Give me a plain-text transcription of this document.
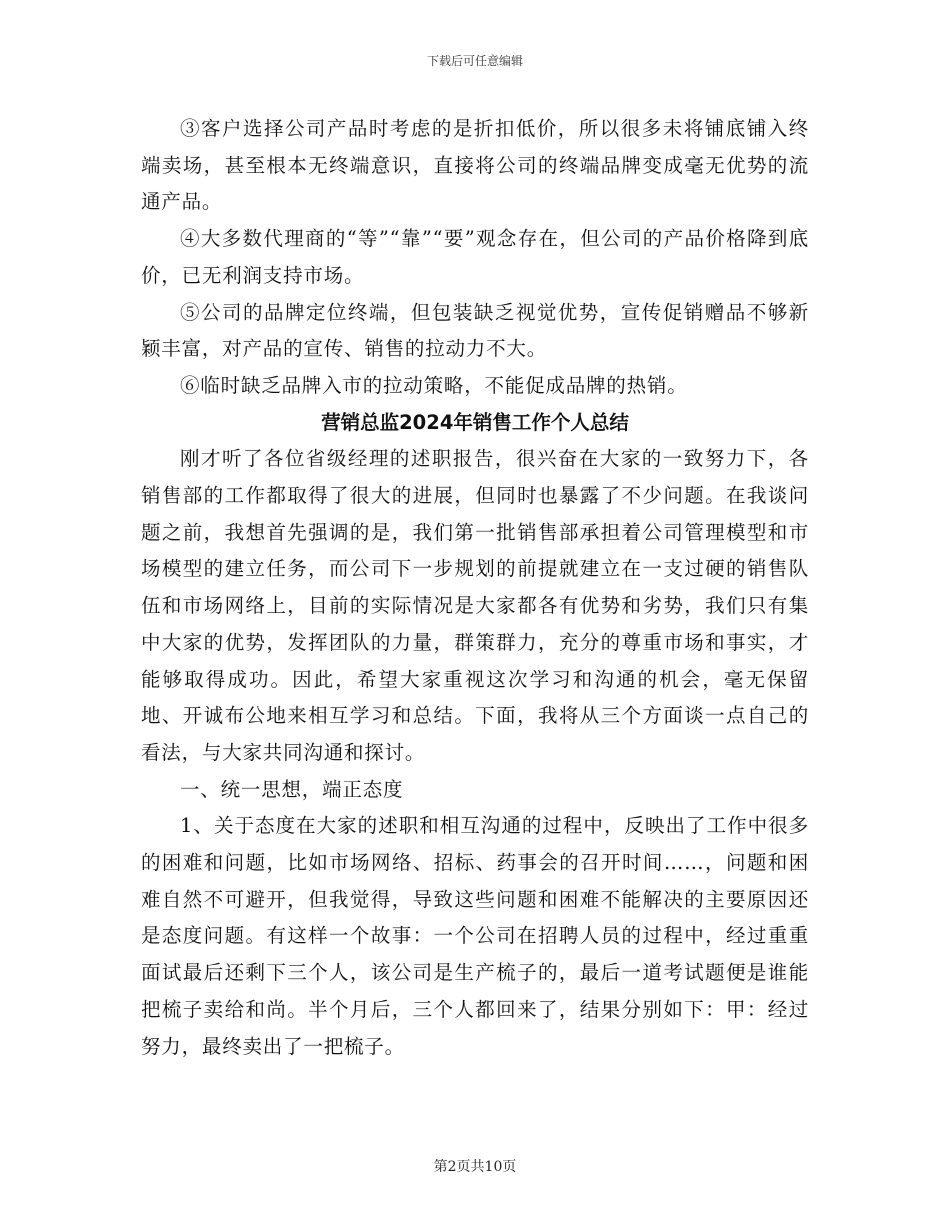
下载后可任意编辑

③客户选择公司产品时考虑的是折扣低价，所以很多未将铺底铺入终端卖场，甚至根本无终端意识，直接将公司的终端品牌变成毫无优势的流通产品。

④大多数代理商的“等”“靠”“要”观念存在，但公司的产品价格降到底价，已无利润支持市场。

⑤公司的品牌定位终端，但包装缺乏视觉优势，宣传促销赠品不够新颖丰富，对产品的宣传、销售的拉动力不大。

⑥临时缺乏品牌入市的拉动策略，不能促成品牌的热销。

营销总监2024年销售工作个人总结

刚才听了各位省级经理的述职报告，很兴奋在大家的一致努力下，各销售部的工作都取得了很大的进展，但同时也暴露了不少问题。在我谈问题之前，我想首先强调的是，我们第一批销售部承担着公司管理模型和市场模型的建立任务，而公司下一步规划的前提就建立在一支过硬的销售队伍和市场网络上，目前的实际情况是大家都各有优势和劣势，我们只有集中大家的优势，发挥团队的力量，群策群力，充分的尊重市场和事实，才能够取得成功。因此，希望大家重视这次学习和沟通的机会，毫无保留地、开诚布公地来相互学习和总结。下面，我将从三个方面谈一点自己的看法，与大家共同沟通和探讨。

一、统一思想，端正态度

1、关于态度在大家的述职和相互沟通的过程中，反映出了工作中很多的困难和问题，比如市场网络、招标、药事会的召开时间……，问题和困难自然不可避开，但我觉得，导致这些问题和困难不能解决的主要原因还是态度问题。有这样一个故事：一个公司在招聘人员的过程中，经过重重面试最后还剩下三个人，该公司是生产梳子的，最后一道考试题便是谁能把梳子卖给和尚。半个月后，三个人都回来了，结果分别如下：甲：经过努力，最终卖出了一把梳子。

第2页共10页
